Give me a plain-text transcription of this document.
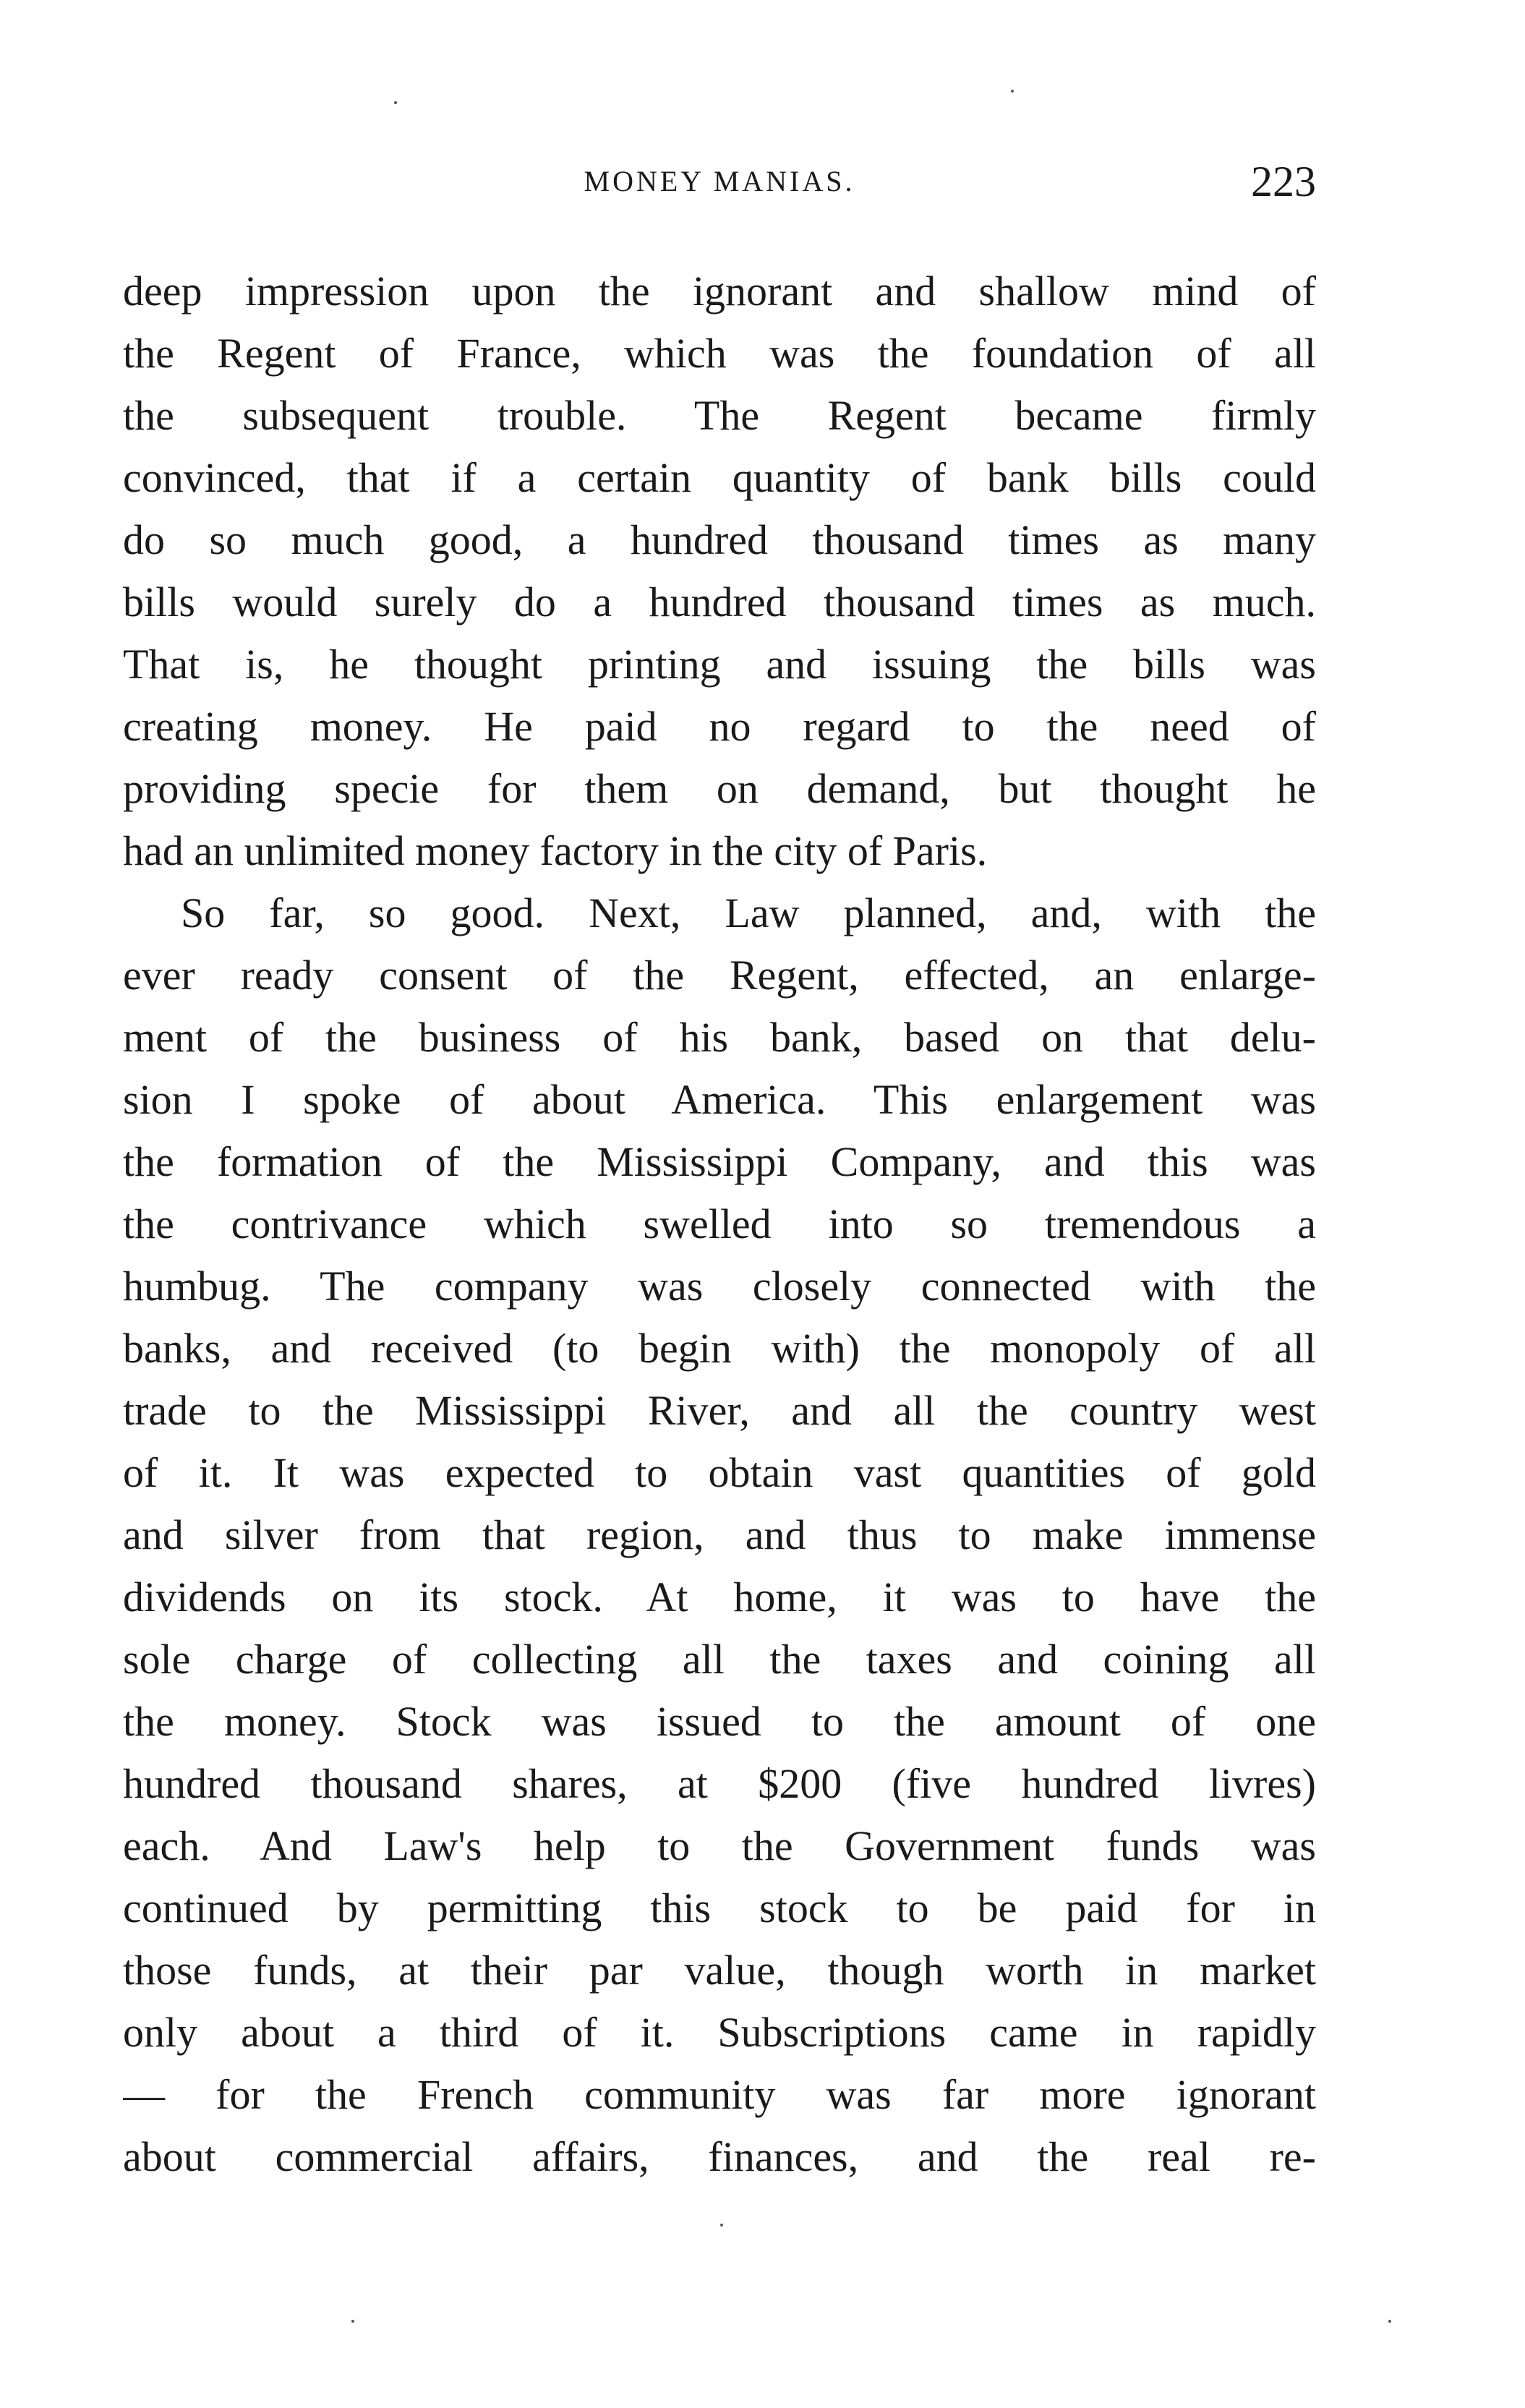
MONEY MANIAS.	223
deep impression upon the ignorant and shallow mind of
the Regent of France, which was the foundation of all
the subsequent trouble. The Regent became firmly
convinced, that if a certain quantity of bank bills could
do so much good, a hundred thousand times as many
bills would surely do a hundred thousand times as much.
That is, he thought printing and issuing the bills was
creating money. He paid no regard to the need of
providing specie for them on demand, but thought he
had an unlimited money factory in the city of Paris.
So far, so good. Next, Law planned, and, with the
ever ready consent of the Regent, effected, an enlarge-
ment of the business of his bank, based on that delu-
sion I spoke of about America. This enlargement was
the formation of the Mississippi Company, and this was
the contrivance which swelled into so tremendous a
humbug. The company was closely connected with the
banks, and received (to begin with) the monopoly of all
trade to the Mississippi River, and all the country west
of it. It was expected to obtain vast quantities of gold
and silver from that region, and thus to make immense
dividends on its stock. At home, it was to have the
sole charge of collecting all the taxes and coining all
the money. Stock was issued to the amount of one
hundred thousand shares, at $200 (five hundred livres)
each. And Law's help to the Government funds was
continued by permitting this stock to be paid for in
those funds, at their par value, though worth in market
only about a third of it. Subscriptions came in rapidly
— for the French community was far more ignorant
about commercial affairs, finances, and the real re-
